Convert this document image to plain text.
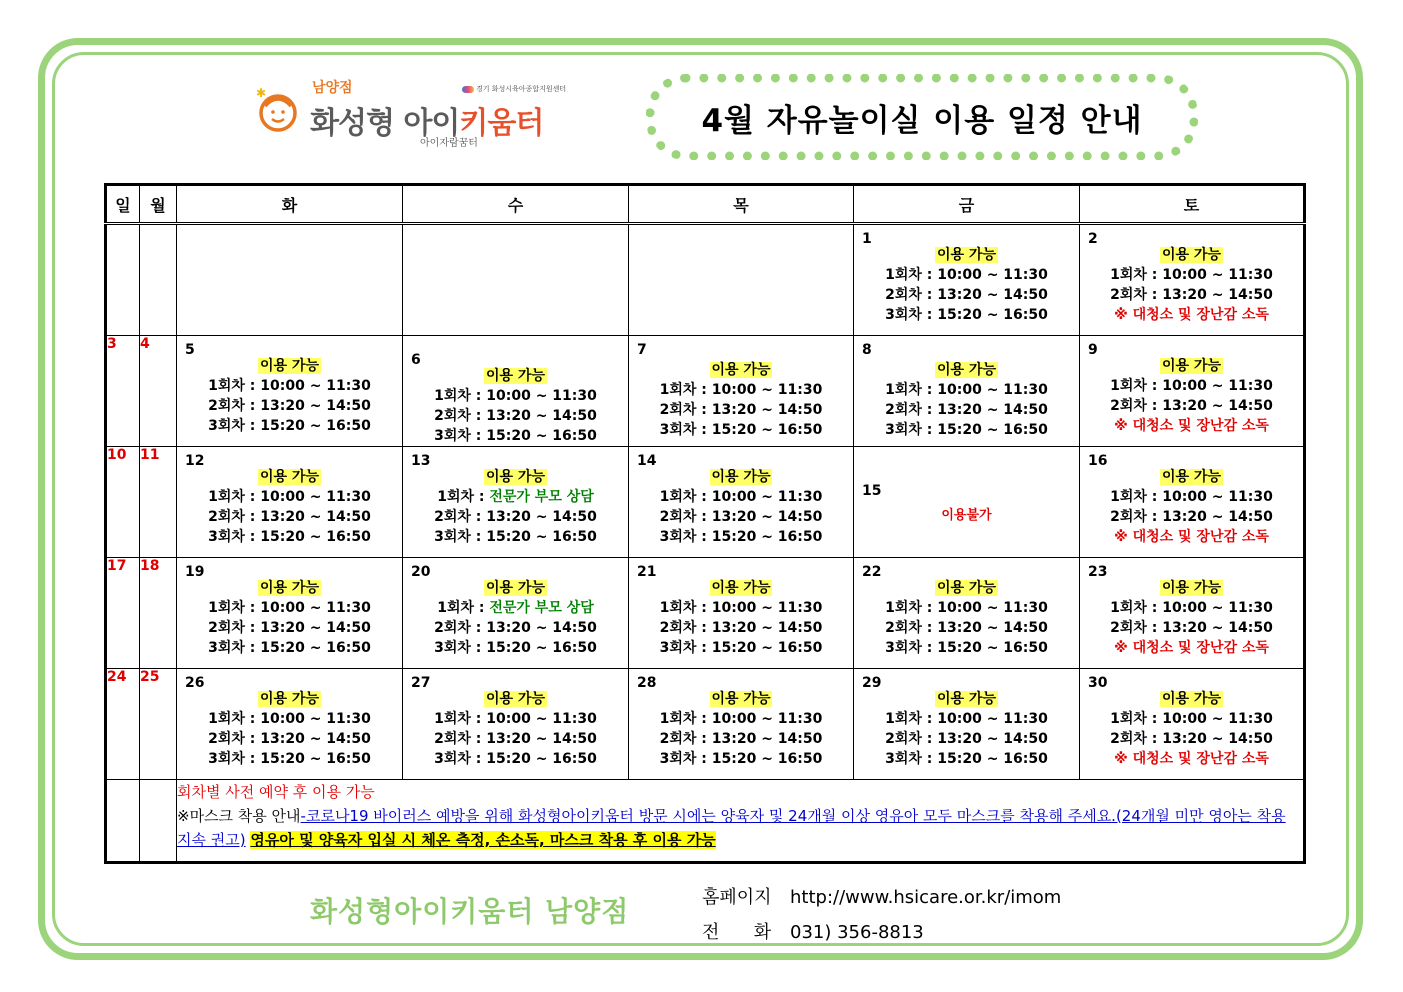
✱	남양점	경기 화성시육아종합지원센터
화성형 아이키움터
아이자람꿈터
4월 자유놀이실 이용 일정 안내
일	월	화	수	목	금	토

					1
이용 가능
1회차 : 10:00 ~ 11:30
2회차 : 13:20 ~ 14:50
3회차 : 15:20 ~ 16:50	2
이용 가능
1회차 : 10:00 ~ 11:30
2회차 : 13:20 ~ 14:50
※ 대청소 및 장난감 소독

3	4	5
이용 가능
1회차 : 10:00 ~ 11:30
2회차 : 13:20 ~ 14:50
3회차 : 15:20 ~ 16:50	6
이용 가능
1회차 : 10:00 ~ 11:30
2회차 : 13:20 ~ 14:50
3회차 : 15:20 ~ 16:50	7
이용 가능
1회차 : 10:00 ~ 11:30
2회차 : 13:20 ~ 14:50
3회차 : 15:20 ~ 16:50	8
이용 가능
1회차 : 10:00 ~ 11:30
2회차 : 13:20 ~ 14:50
3회차 : 15:20 ~ 16:50	9
이용 가능
1회차 : 10:00 ~ 11:30
2회차 : 13:20 ~ 14:50
※ 대청소 및 장난감 소독

10	11	12
이용 가능
1회차 : 10:00 ~ 11:30
2회차 : 13:20 ~ 14:50
3회차 : 15:20 ~ 16:50	13
이용 가능
1회차 : 전문가 부모 상담
2회차 : 13:20 ~ 14:50
3회차 : 15:20 ~ 16:50	14
이용 가능
1회차 : 10:00 ~ 11:30
2회차 : 13:20 ~ 14:50
3회차 : 15:20 ~ 16:50	15
이용불가	16
이용 가능
1회차 : 10:00 ~ 11:30
2회차 : 13:20 ~ 14:50
※ 대청소 및 장난감 소독

17	18	19
이용 가능
1회차 : 10:00 ~ 11:30
2회차 : 13:20 ~ 14:50
3회차 : 15:20 ~ 16:50	20
이용 가능
1회차 : 전문가 부모 상담
2회차 : 13:20 ~ 14:50
3회차 : 15:20 ~ 16:50	21
이용 가능
1회차 : 10:00 ~ 11:30
2회차 : 13:20 ~ 14:50
3회차 : 15:20 ~ 16:50	22
이용 가능
1회차 : 10:00 ~ 11:30
2회차 : 13:20 ~ 14:50
3회차 : 15:20 ~ 16:50	23
이용 가능
1회차 : 10:00 ~ 11:30
2회차 : 13:20 ~ 14:50
※ 대청소 및 장난감 소독

24	25	26
이용 가능
1회차 : 10:00 ~ 11:30
2회차 : 13:20 ~ 14:50
3회차 : 15:20 ~ 16:50	27
이용 가능
1회차 : 10:00 ~ 11:30
2회차 : 13:20 ~ 14:50
3회차 : 15:20 ~ 16:50	28
이용 가능
1회차 : 10:00 ~ 11:30
2회차 : 13:20 ~ 14:50
3회차 : 15:20 ~ 16:50	29
이용 가능
1회차 : 10:00 ~ 11:30
2회차 : 13:20 ~ 14:50
3회차 : 15:20 ~ 16:50	30
이용 가능
1회차 : 10:00 ~ 11:30
2회차 : 13:20 ~ 14:50
※ 대청소 및 장난감 소독

		회차별 사전 예약 후 이용 가능
※마스크 착용 안내-코로나19 바이러스 예방을 위해 화성형아이키움터 방문 시에는 양육자 및 24개월 이상 영유아 모두 마스크를 착용해 주세요.(24개월 미만 영아는 착용 지속 권고) 영유아 및 양육자 입실 시 체온 측정, 손소독, 마스크 착용 후 이용 가능				
화성형아이키움터 남양점	홈페이지 http://www.hsicare.or.kr/imom
전      화 031) 356-8813
